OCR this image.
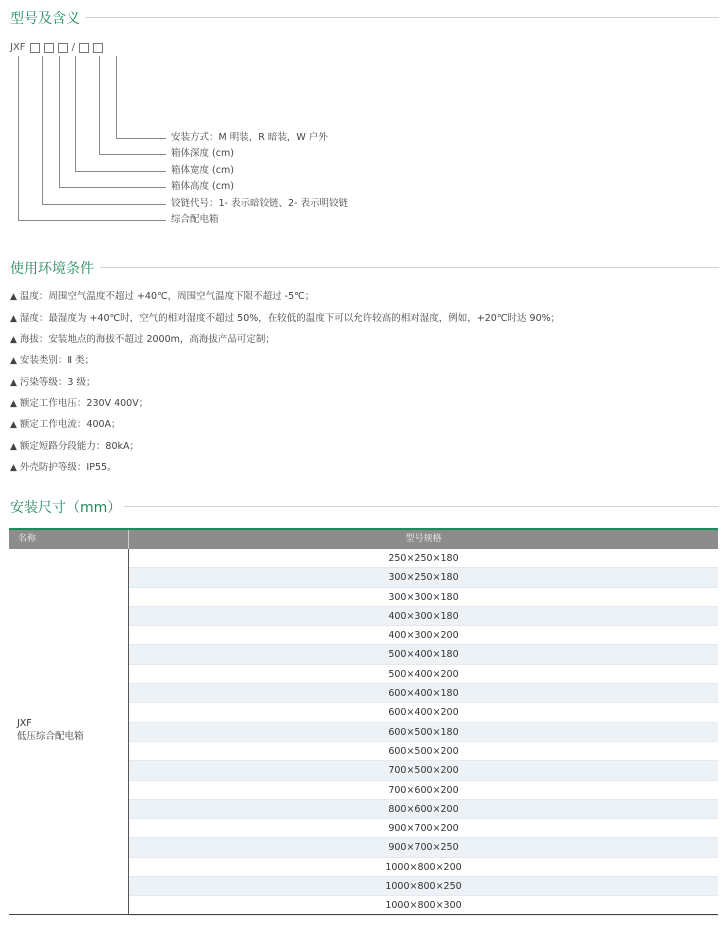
型号及含义
JXF	/
安装方式：M 明装，R 暗装，W 户外
箱体深度 (cm)
箱体宽度 (cm)
箱体高度 (cm)
铰链代号：1- 表示暗铰链、2- 表示明铰链
综合配电箱
使用环境条件
▲ 温度：周围空气温度不超过 +40℃，周围空气温度下限不超过 -5℃；
▲ 湿度：最湿度为 +40℃时，空气的相对湿度不超过 50%，在较低的温度下可以允许较高的相对湿度，例如，+20℃时达 90%；
▲ 海拔：安装地点的海拔不超过 2000m，高海拔产品可定制；
▲ 安装类别：Ⅱ 类；
▲ 污染等级：3 级；
▲ 额定工作电压：230V 400V；
▲ 额定工作电流：400A；
▲ 额定短路分段能力：80kA；
▲ 外壳防护等级：IP55。
安装尺寸（mm）
名称	型号规格
JXF
低压综合配电箱
250×250×180
300×250×180
300×300×180
400×300×180
400×300×200
500×400×180
500×400×200
600×400×180
600×400×200
600×500×180
600×500×200
700×500×200
700×600×200
800×600×200
900×700×200
900×700×250
1000×800×200
1000×800×250
1000×800×300
